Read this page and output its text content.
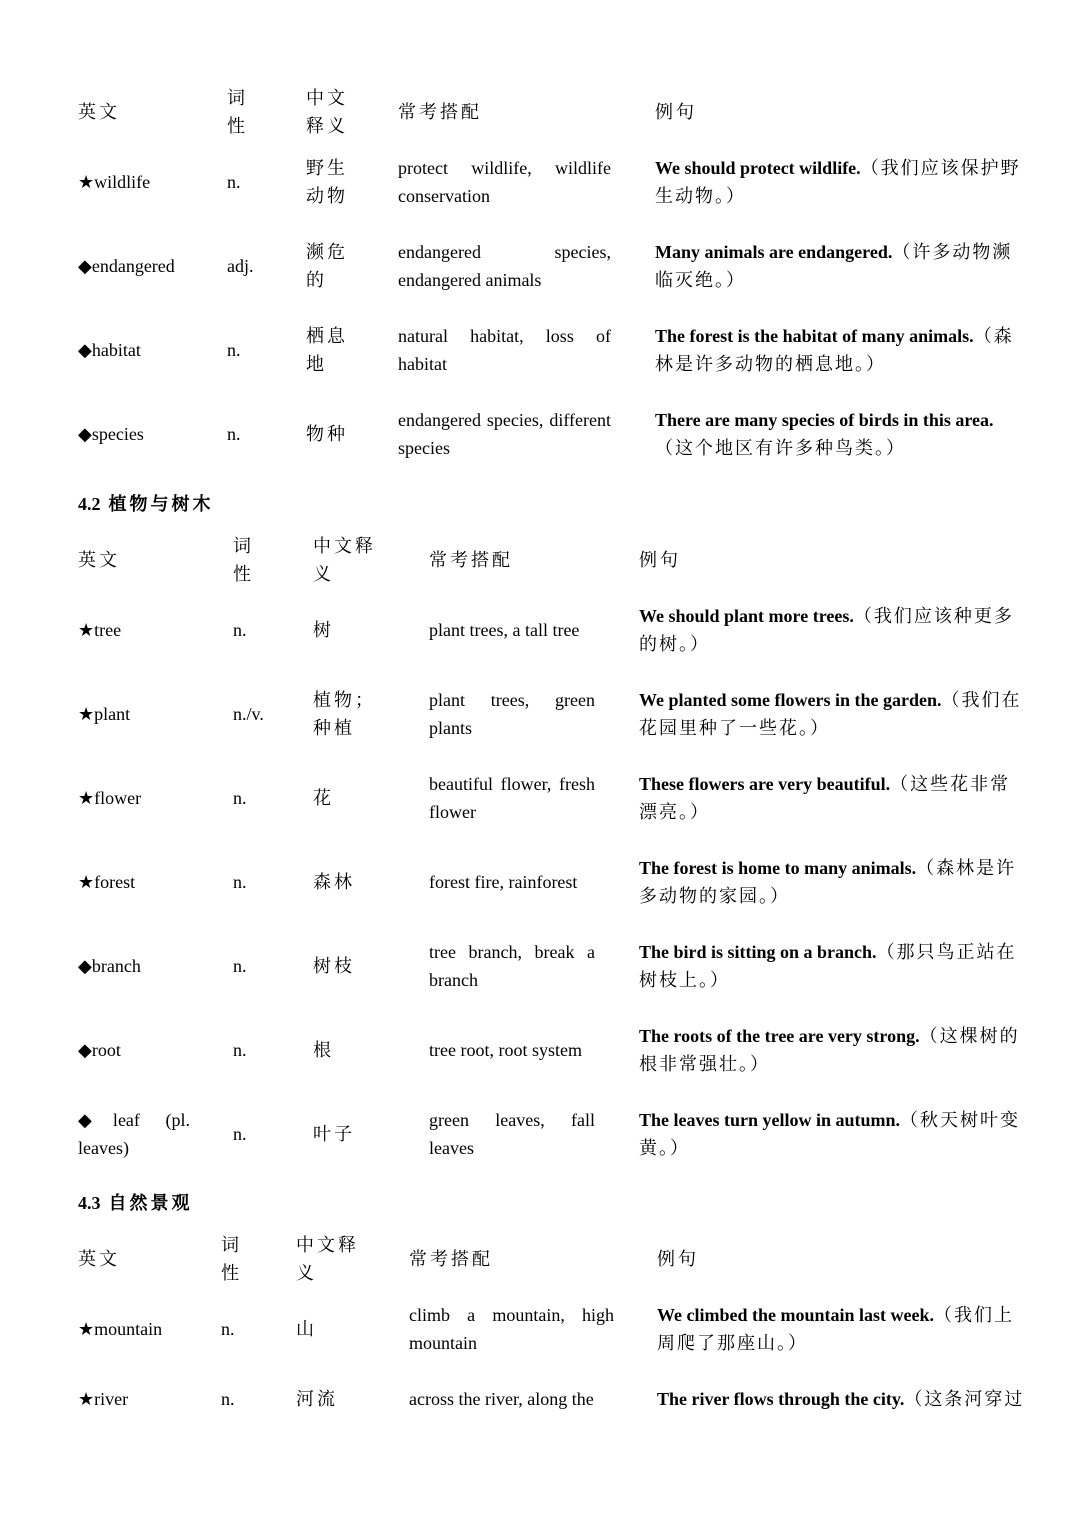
英文	词性	中文释义	常考搭配	例句
★wildlife	n.	野生动物	protect wildlife, wildlife conservation	We should protect wildlife.（我们应该保护野生动物。）
◆endangered	adj.	濒危的	endangered species, endangered animals	Many animals are endangered.（许多动物濒临灭绝。）
◆habitat	n.	栖息地	natural habitat, loss of habitat	The forest is the habitat of many animals.（森林是许多动物的栖息地。）
◆species	n.	物种	endangered species, different species	There are many species of birds in this area.（这个地区有许多种鸟类。）
4.2 植物与树木
英文	词性	中文释义	常考搭配	例句
★tree	n.	树	plant trees, a tall tree	We should plant more trees.（我们应该种更多的树。）
★plant	n./v.	植物；种植	plant trees, green plants	We planted some flowers in the garden.（我们在花园里种了一些花。）
★flower	n.	花	beautiful flower, fresh flower	These flowers are very beautiful.（这些花非常漂亮。）
★forest	n.	森林	forest fire, rainforest	The forest is home to many animals.（森林是许多动物的家园。）
◆branch	n.	树枝	tree branch, break a branch	The bird is sitting on a branch.（那只鸟正站在树枝上。）
◆root	n.	根	tree root, root system	The roots of the tree are very strong.（这棵树的根非常强壮。）

◆leaf (pl. leaves)	n.	叶子	green leaves, fall leaves	The leaves turn yellow in autumn.（秋天树叶变黄。）
4.3 自然景观
英文	词性	中文释义	常考搭配	例句
★mountain	n.	山	climb a mountain, high mountain	We climbed the mountain last week.（我们上周爬了那座山。）
★river	n.	河流	across the river, along the	The river flows through the city.（这条河穿过
